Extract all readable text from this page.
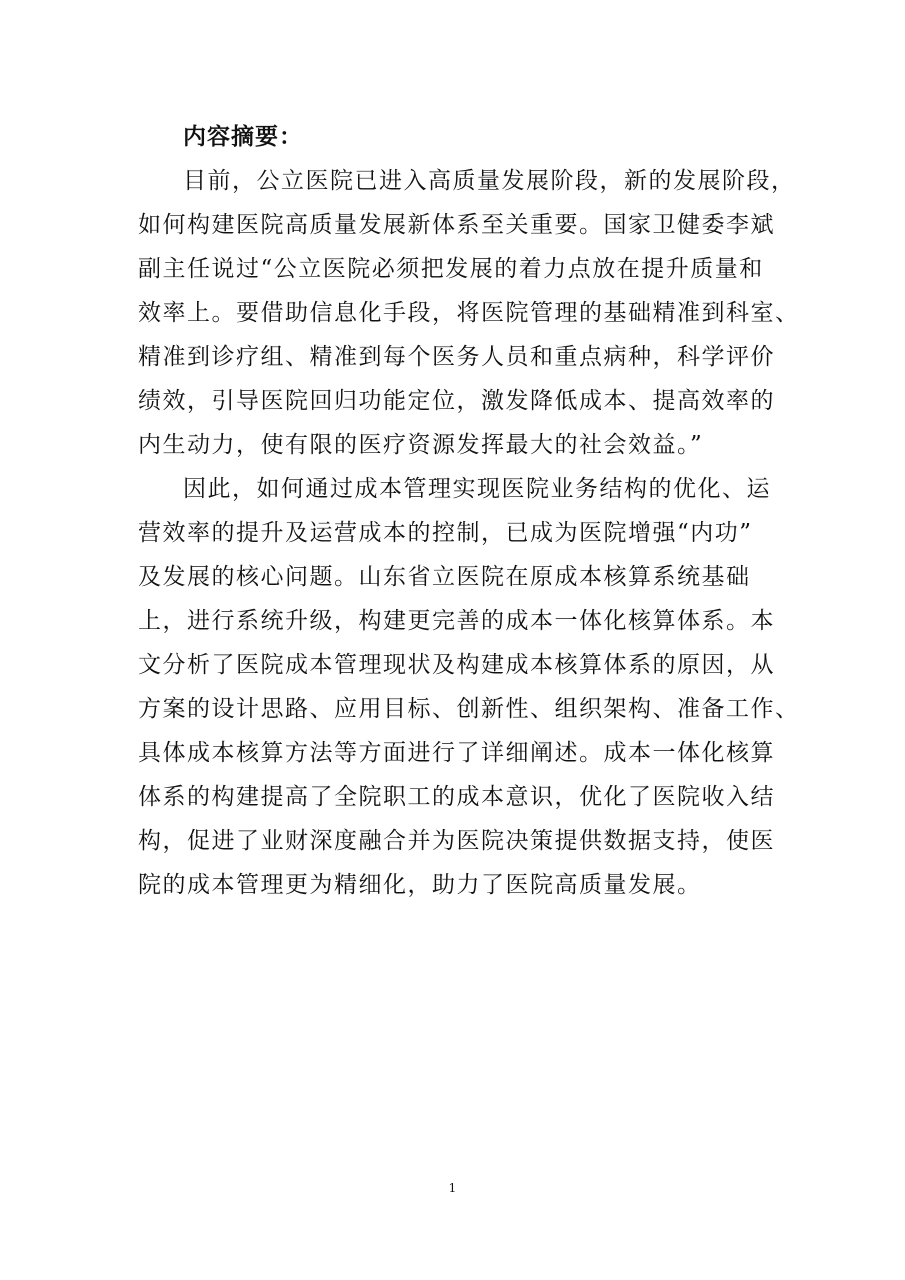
内容摘要：

目前，公立医院已进入高质量发展阶段，新的发展阶段，

如何构建医院高质量发展新体系至关重要。国家卫健委李斌

副主任说过“公立医院必须把发展的着力点放在提升质量和

效率上。要借助信息化手段，将医院管理的基础精准到科室、

精准到诊疗组、精准到每个医务人员和重点病种，科学评价

绩效，引导医院回归功能定位，激发降低成本、提高效率的

内生动力，使有限的医疗资源发挥最大的社会效益。”

因此，如何通过成本管理实现医院业务结构的优化、运

营效率的提升及运营成本的控制，已成为医院增强“内功”

及发展的核心问题。山东省立医院在原成本核算系统基础

上，进行系统升级，构建更完善的成本一体化核算体系。本

文分析了医院成本管理现状及构建成本核算体系的原因，从

方案的设计思路、应用目标、创新性、组织架构、准备工作、

具体成本核算方法等方面进行了详细阐述。成本一体化核算

体系的构建提高了全院职工的成本意识，优化了医院收入结

构，促进了业财深度融合并为医院决策提供数据支持，使医

院的成本管理更为精细化，助力了医院高质量发展。

1
